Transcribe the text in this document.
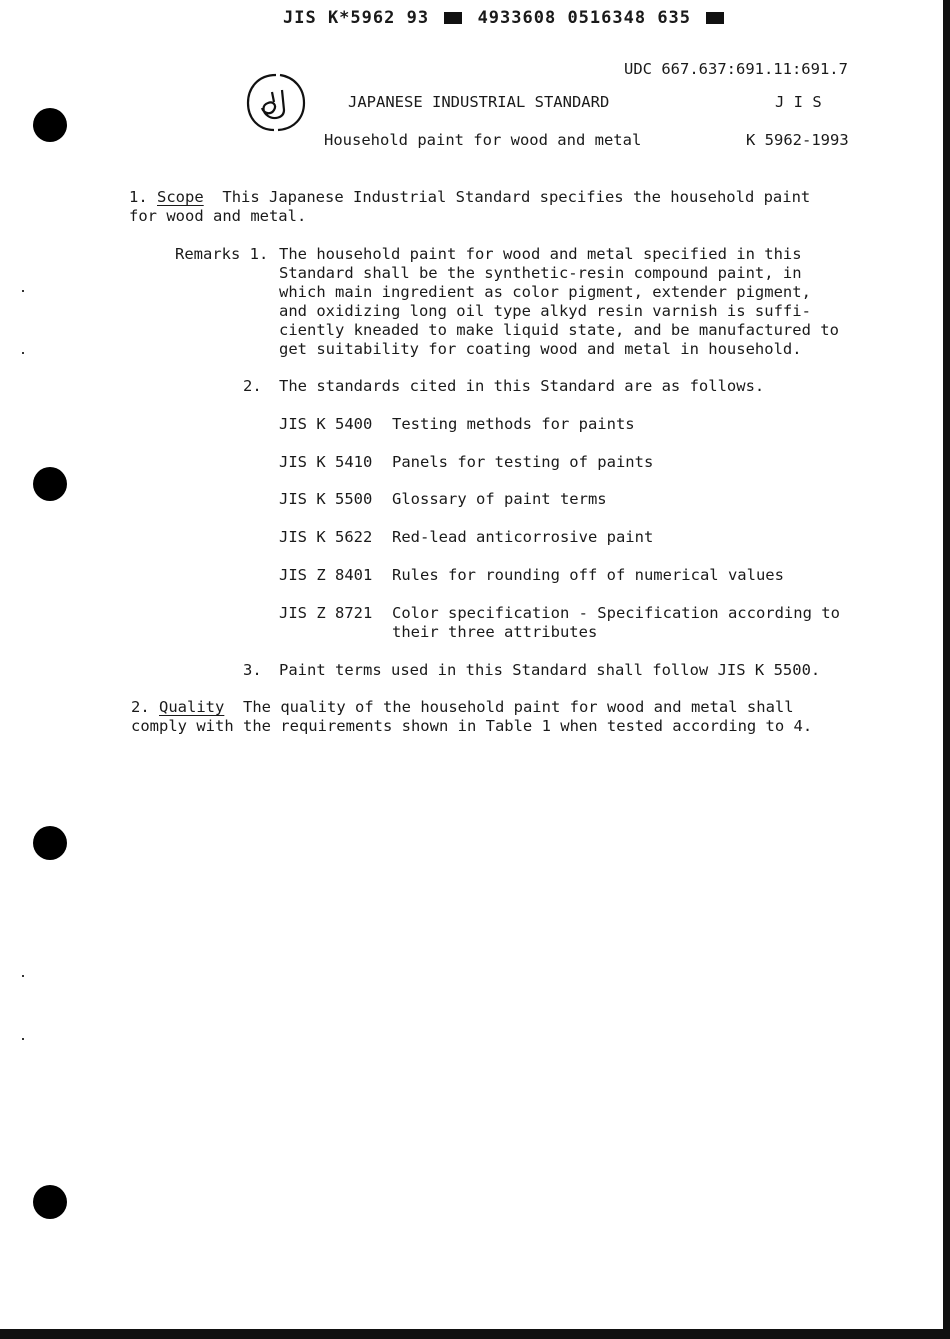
JIS K*5962 93	4933608 0516348 635
UDC 667.637:691.11:691.7
JAPANESE INDUSTRIAL STANDARD	J I S
Household paint for wood and metal	K 5962-1993
1. Scope This Japanese Industrial Standard specifies the household paint
for wood and metal.
Remarks 1. The household paint for wood and metal specified in this
Standard shall be the synthetic-resin compound paint, in
which main ingredient as color pigment, extender pigment,
and oxidizing long oil type alkyd resin varnish is suffi-
ciently kneaded to make liquid state, and be manufactured to
get suitability for coating wood and metal in household.
2. The standards cited in this Standard are as follows.
JIS K 5400 Testing methods for paints
JIS K 5410 Panels for testing of paints
JIS K 5500 Glossary of paint terms
JIS K 5622 Red-lead anticorrosive paint
JIS Z 8401 Rules for rounding off of numerical values
JIS Z 8721 Color specification - Specification according to
their three attributes
3. Paint terms used in this Standard shall follow JIS K 5500.
2. Quality The quality of the household paint for wood and metal shall
comply with the requirements shown in Table 1 when tested according to 4.
